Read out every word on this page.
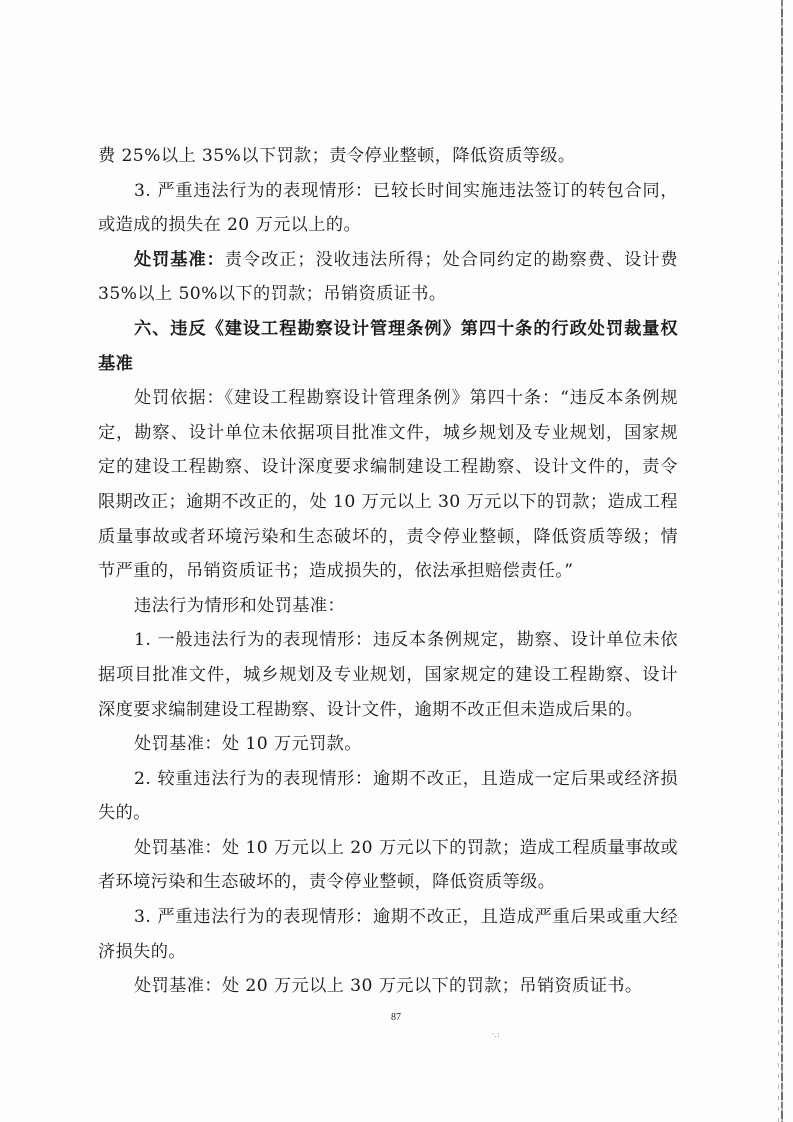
费 25%以上 35%以下罚款；责令停业整顿，降低资质等级。

3. 严重违法行为的表现情形：已较长时间实施违法签订的转包合同，或造成的损失在 20 万元以上的。

处罚基准：责令改正；没收违法所得；处合同约定的勘察费、设计费 35%以上 50%以下的罚款；吊销资质证书。

六、违反《建设工程勘察设计管理条例》第四十条的行政处罚裁量权基准

处罚依据：《建设工程勘察设计管理条例》第四十条：“违反本条例规定，勘察、设计单位未依据项目批准文件，城乡规划及专业规划，国家规定的建设工程勘察、设计深度要求编制建设工程勘察、设计文件的，责令限期改正；逾期不改正的，处 10 万元以上 30 万元以下的罚款；造成工程质量事故或者环境污染和生态破坏的，责令停业整顿，降低资质等级；情节严重的，吊销资质证书；造成损失的，依法承担赔偿责任。”

违法行为情形和处罚基准：

1. 一般违法行为的表现情形：违反本条例规定，勘察、设计单位未依据项目批准文件，城乡规划及专业规划，国家规定的建设工程勘察、设计深度要求编制建设工程勘察、设计文件，逾期不改正但未造成后果的。

处罚基准：处 10 万元罚款。

2. 较重违法行为的表现情形：逾期不改正，且造成一定后果或经济损失的。

处罚基准：处 10 万元以上 20 万元以下的罚款；造成工程质量事故或者环境污染和生态破坏的，责令停业整顿，降低资质等级。

3. 严重违法行为的表现情形：逾期不改正，且造成严重后果或重大经济损失的。

处罚基准：处 20 万元以上 30 万元以下的罚款；吊销资质证书。

87
·.:
